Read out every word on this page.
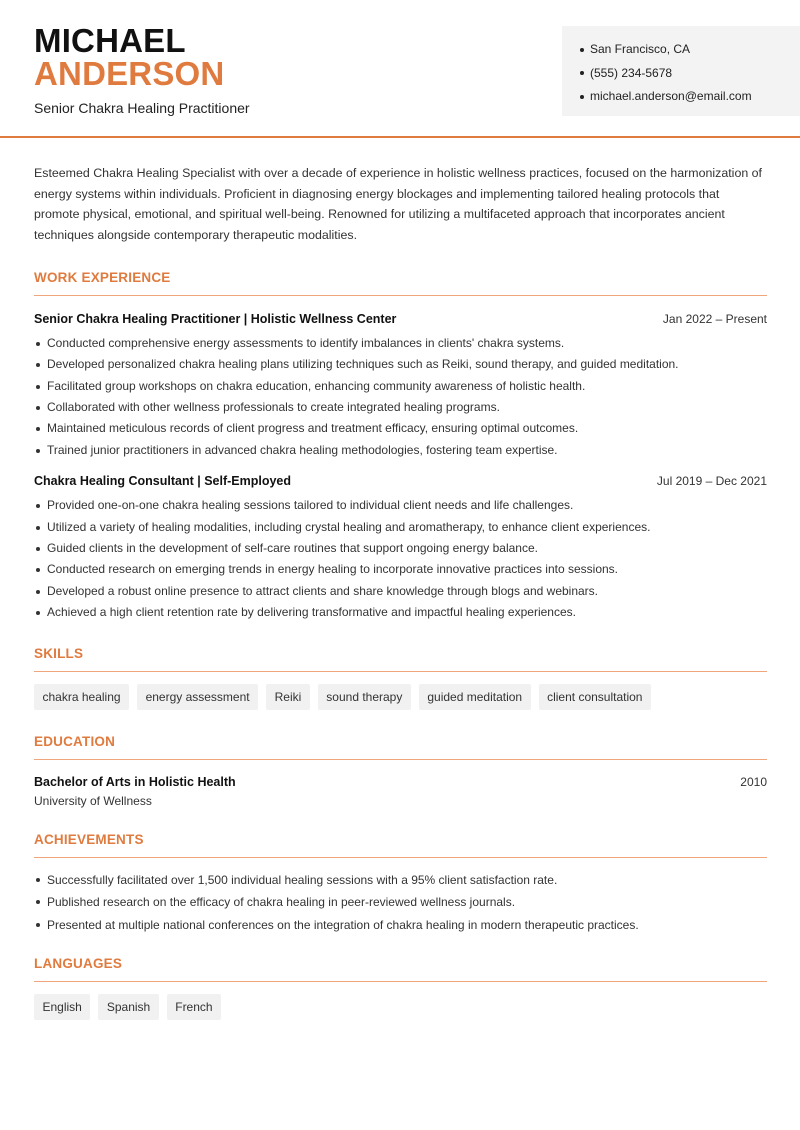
MICHAEL
ANDERSON
Senior Chakra Healing Practitioner
San Francisco, CA
(555) 234-5678
michael.anderson@email.com

Esteemed Chakra Healing Specialist with over a decade of experience in holistic wellness practices, focused on the harmonization of energy systems within individuals. Proficient in diagnosing energy blockages and implementing tailored healing protocols that promote physical, emotional, and spiritual well-being. Renowned for utilizing a multifaceted approach that incorporates ancient techniques alongside contemporary therapeutic modalities.

WORK EXPERIENCE
Senior Chakra Healing Practitioner | Holistic Wellness Center	Jan 2022 – Present
Conducted comprehensive energy assessments to identify imbalances in clients' chakra systems.
Developed personalized chakra healing plans utilizing techniques such as Reiki, sound therapy, and guided meditation.
Facilitated group workshops on chakra education, enhancing community awareness of holistic health.
Collaborated with other wellness professionals to create integrated healing programs.
Maintained meticulous records of client progress and treatment efficacy, ensuring optimal outcomes.
Trained junior practitioners in advanced chakra healing methodologies, fostering team expertise.
Chakra Healing Consultant | Self-Employed	Jul 2019 – Dec 2021
Provided one-on-one chakra healing sessions tailored to individual client needs and life challenges.
Utilized a variety of healing modalities, including crystal healing and aromatherapy, to enhance client experiences.
Guided clients in the development of self-care routines that support ongoing energy balance.
Conducted research on emerging trends in energy healing to incorporate innovative practices into sessions.
Developed a robust online presence to attract clients and share knowledge through blogs and webinars.
Achieved a high client retention rate by delivering transformative and impactful healing experiences.
SKILLS
chakra healing	energy assessment	Reiki	sound therapy	guided meditation	client consultation
EDUCATION
Bachelor of Arts in Holistic Health	2010
University of Wellness
ACHIEVEMENTS
Successfully facilitated over 1,500 individual healing sessions with a 95% client satisfaction rate.
Published research on the efficacy of chakra healing in peer-reviewed wellness journals.
Presented at multiple national conferences on the integration of chakra healing in modern therapeutic practices.
LANGUAGES
English	Spanish	French
